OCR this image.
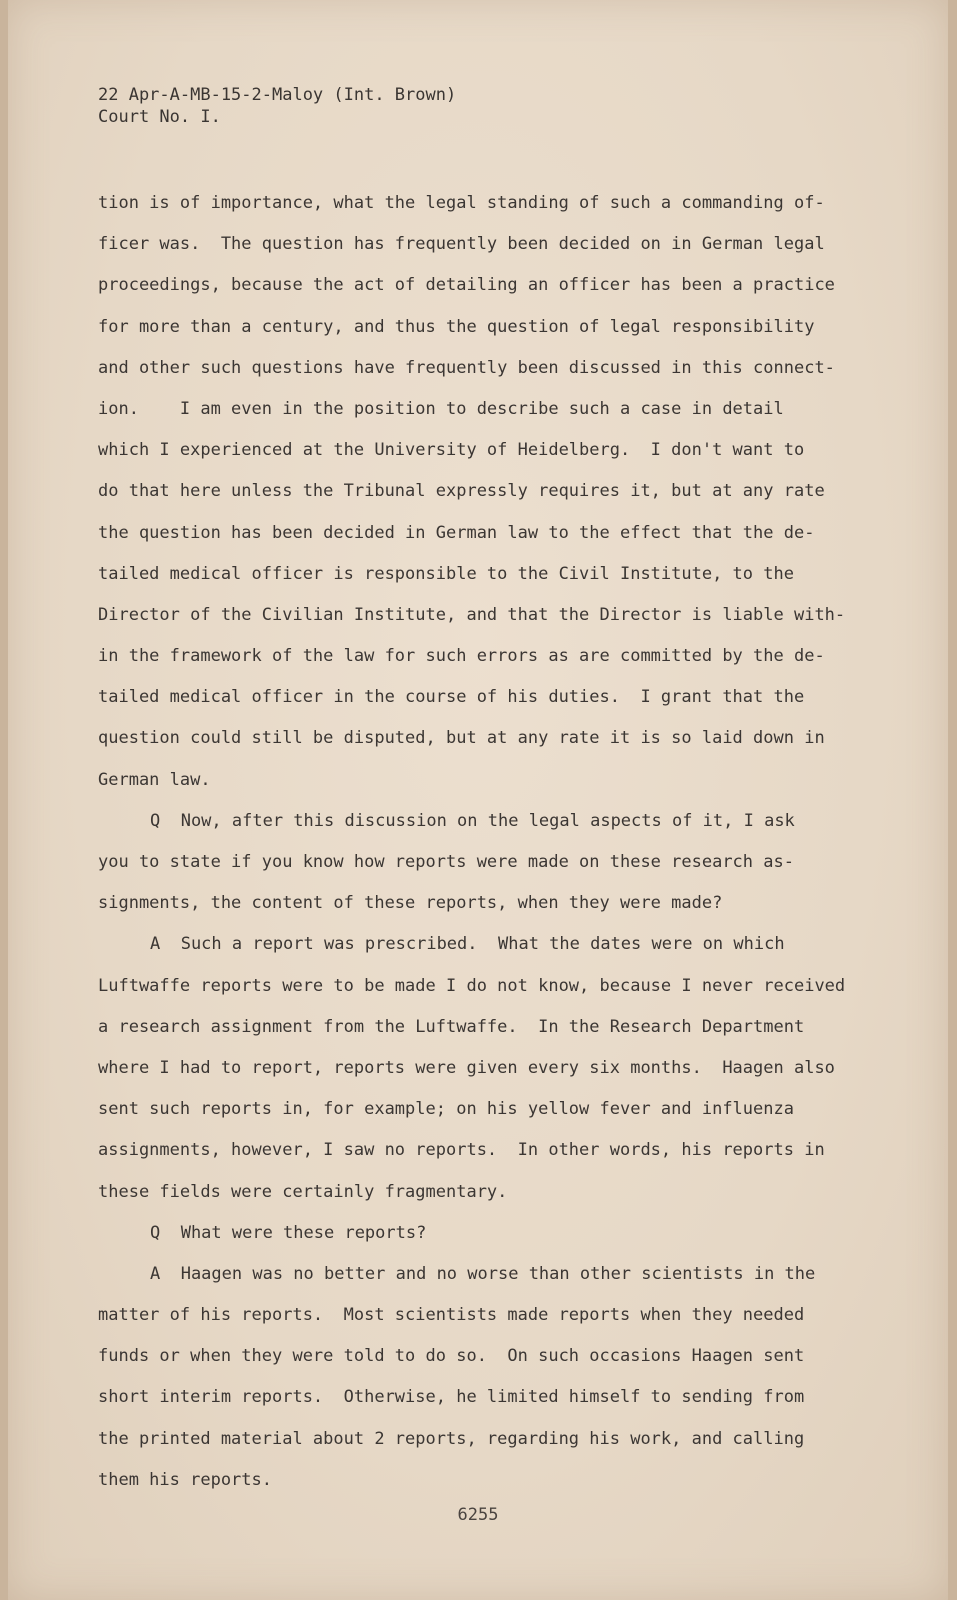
22 Apr-A-MB-15-2-Maloy (Int. Brown)
Court No. I.
tion is of importance, what the legal standing of such a commanding of-
ficer was.  The question has frequently been decided on in German legal
proceedings, because the act of detailing an officer has been a practice
for more than a century, and thus the question of legal responsibility
and other such questions have frequently been discussed in this connect-
ion.    I am even in the position to describe such a case in detail
which I experienced at the University of Heidelberg.  I don't want to
do that here unless the Tribunal expressly requires it, but at any rate
the question has been decided in German law to the effect that the de-
tailed medical officer is responsible to the Civil Institute, to the
Director of the Civilian Institute, and that the Director is liable with-
in the framework of the law for such errors as are committed by the de-
tailed medical officer in the course of his duties.  I grant that the
question could still be disputed, but at any rate it is so laid down in
German law.
Q  Now, after this discussion on the legal aspects of it, I ask
you to state if you know how reports were made on these research as-
signments, the content of these reports, when they were made?
A  Such a report was prescribed.  What the dates were on which
Luftwaffe reports were to be made I do not know, because I never received
a research assignment from the Luftwaffe.  In the Research Department
where I had to report, reports were given every six months.  Haagen also
sent such reports in, for example; on his yellow fever and influenza
assignments, however, I saw no reports.  In other words, his reports in
these fields were certainly fragmentary.
Q  What were these reports?
A  Haagen was no better and no worse than other scientists in the
matter of his reports.  Most scientists made reports when they needed
funds or when they were told to do so.  On such occasions Haagen sent
short interim reports.  Otherwise, he limited himself to sending from
the printed material about 2 reports, regarding his work, and calling
them his reports.
6255
